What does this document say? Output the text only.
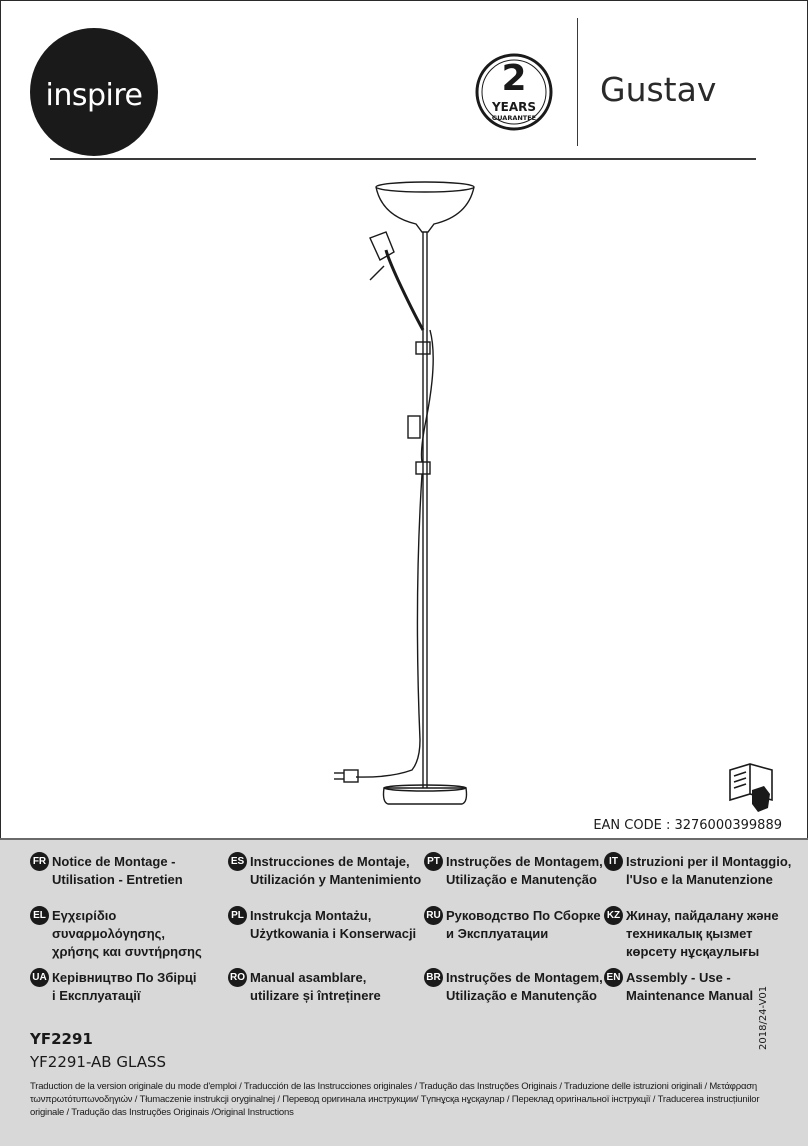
inspire	2
YEARS
GUARANTEE
Gustav
EAN CODE : 3276000399889
FR Notice de Montage -
Utilisation - Entretien
ES Instrucciones de Montaje,
Utilización y Mantenimiento
PT Instruções de Montagem,
Utilização e Manutenção
IT Istruzioni per il Montaggio,
l'Uso e la Manutenzione
EL Εγχειρίδιο συναρμολόγησης,
χρήσης και συντήρησης
PL Instrukcja Montażu,
Użytkowania i Konserwacji
RU Руководство По Сборке
и Эксплуатации
KZ Жинау, пайдалану және
техникалық қызмет
көрсету нұсқаулығы
UA Керівництво По Збірці
і Експлуатації
RO Manual asamblare,
utilizare și întreținere
BR Instruções de Montagem,
Utilização e Manutenção
EN Assembly - Use -
Maintenance Manual
YF2291
YF2291-AB GLASS
Traduction de la version originale du mode d'emploi / Traducción de las Instrucciones originales / Tradução das Instruções Originais / Traduzione delle istruzioni originali / Μετάφραση τωνπρωτότυπωνοδηγιών / Tłumaczenie instrukcji oryginalnej / Перевод оригинала инструкции/ Түпнұсқа нұсқаулар / Переклад оригінальної інструкції / Traducerea instrucțiunilor originale / Tradução das Instruções Originais /Original Instructions
2018/24-V01
